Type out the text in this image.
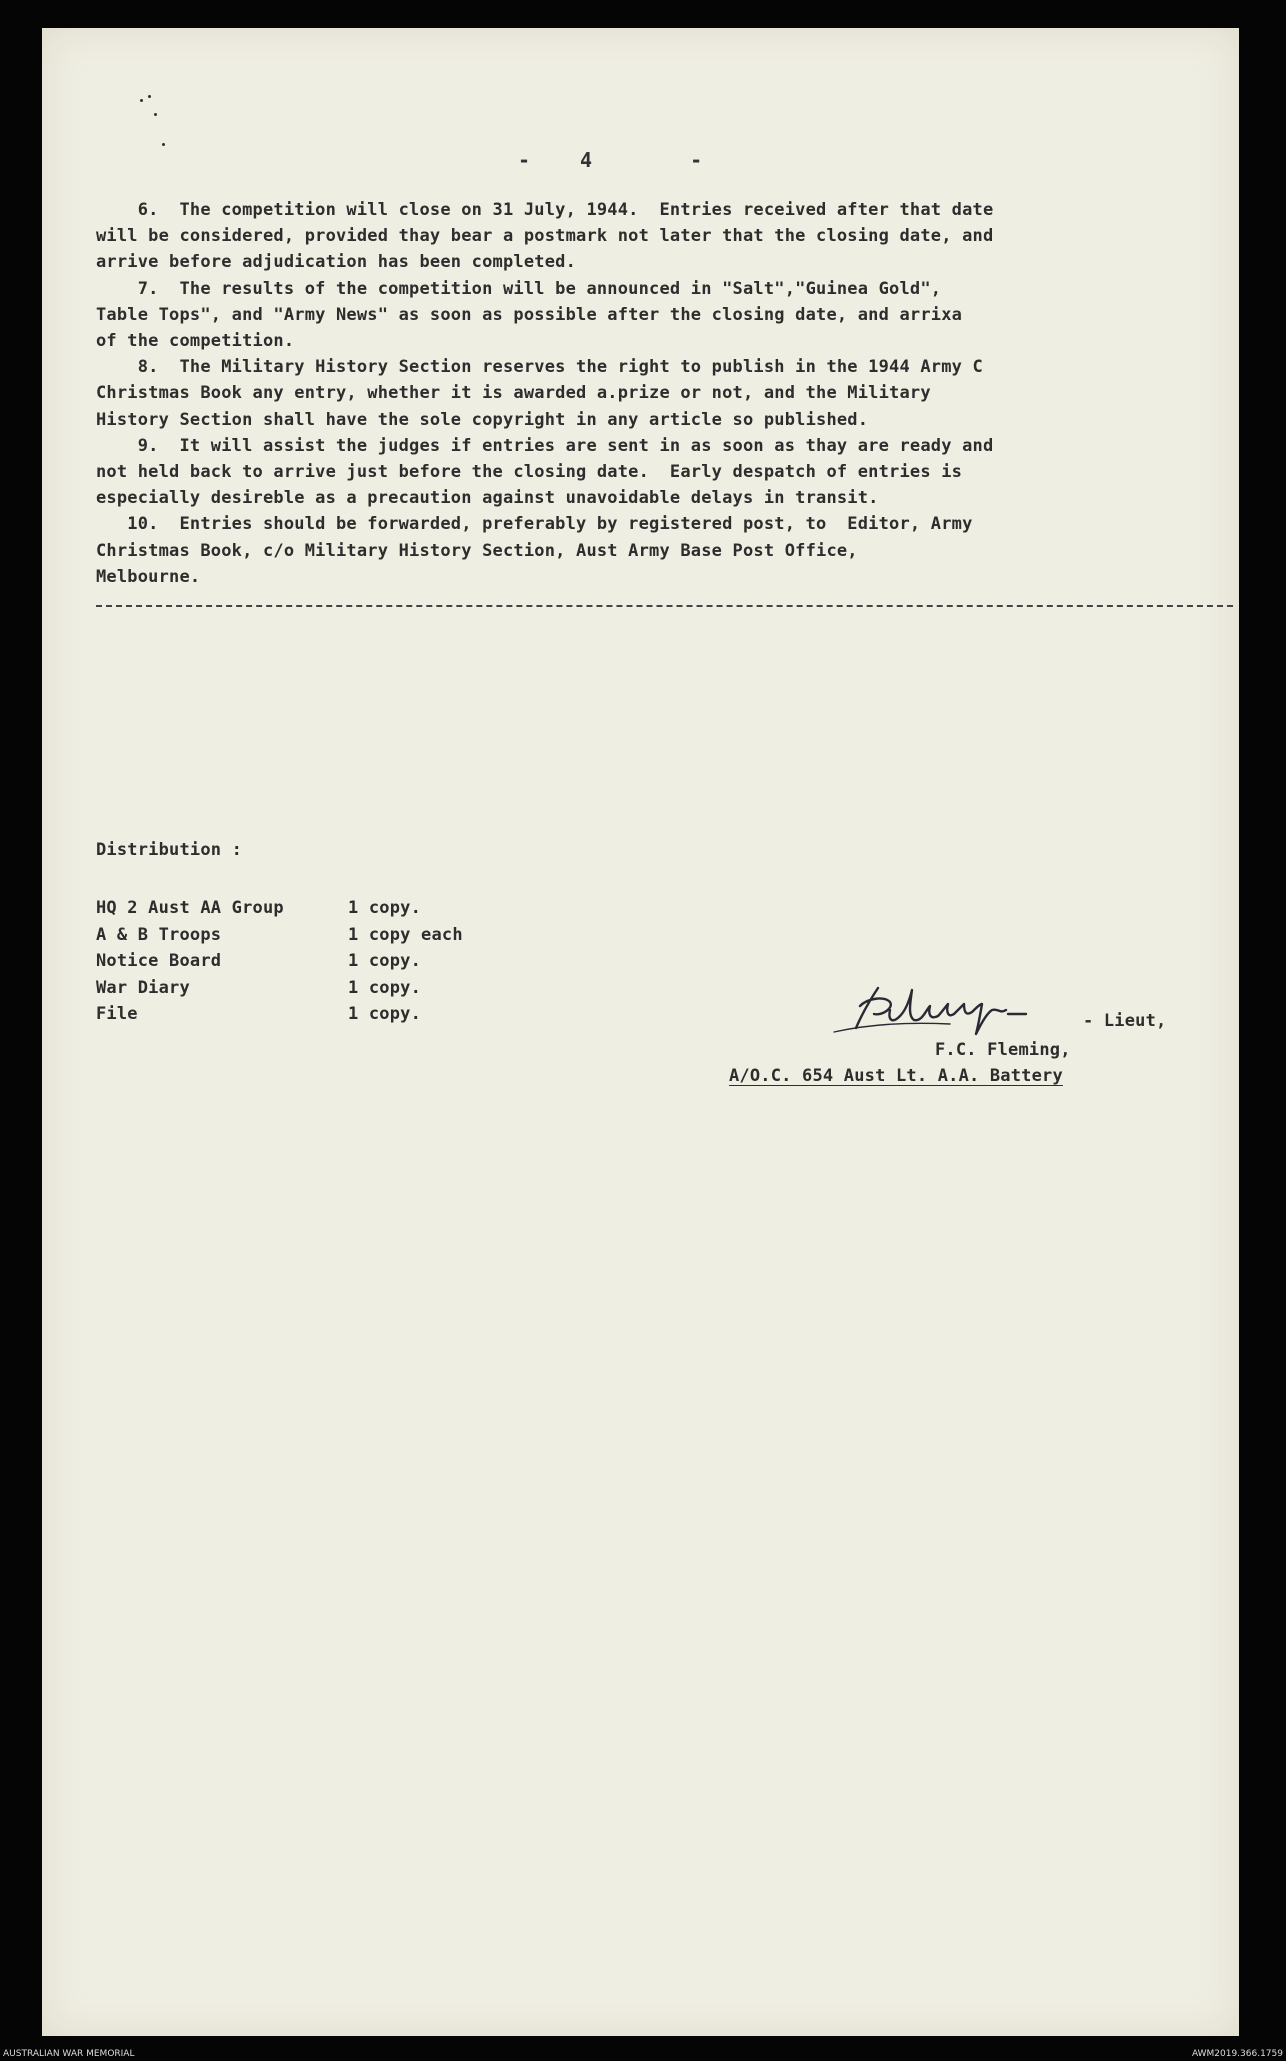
- 4	-
6.  The competition will close on 31 July, 1944.  Entries received after that date
will be considered, provided thay bear a postmark not later that the closing date, and
arrive before adjudication has been completed.
7.  The results of the competition will be announced in "Salt","Guinea Gold",
Table Tops", and "Army News" as soon as possible after the closing date, and arrixa
of the competition.
8.  The Military History Section reserves the right to publish in the 1944 Army C
Christmas Book any entry, whether it is awarded a.prize or not, and the Military
History Section shall have the sole copyright in any article so published.
9.  It will assist the judges if entries are sent in as soon as thay are ready and
not held back to arrive just before the closing date.  Early despatch of entries is
especially desireble as a precaution against unavoidable delays in transit.
10.  Entries should be forwarded, preferably by registered post, to  Editor, Army
Christmas Book, c/o Military History Section, Aust Army Base Post Office,
Melbourne.
Distribution :
HQ 2 Aust AA Group	1 copy.
A & B Troops	1 copy each
Notice Board	1 copy.
War Diary	1 copy.
File	1 copy.	- Lieut,
F.C. Fleming,
A/O.C. 654 Aust Lt. A.A. Battery
AUSTRALIAN WAR MEMORIAL	AWM2019.366.1759
